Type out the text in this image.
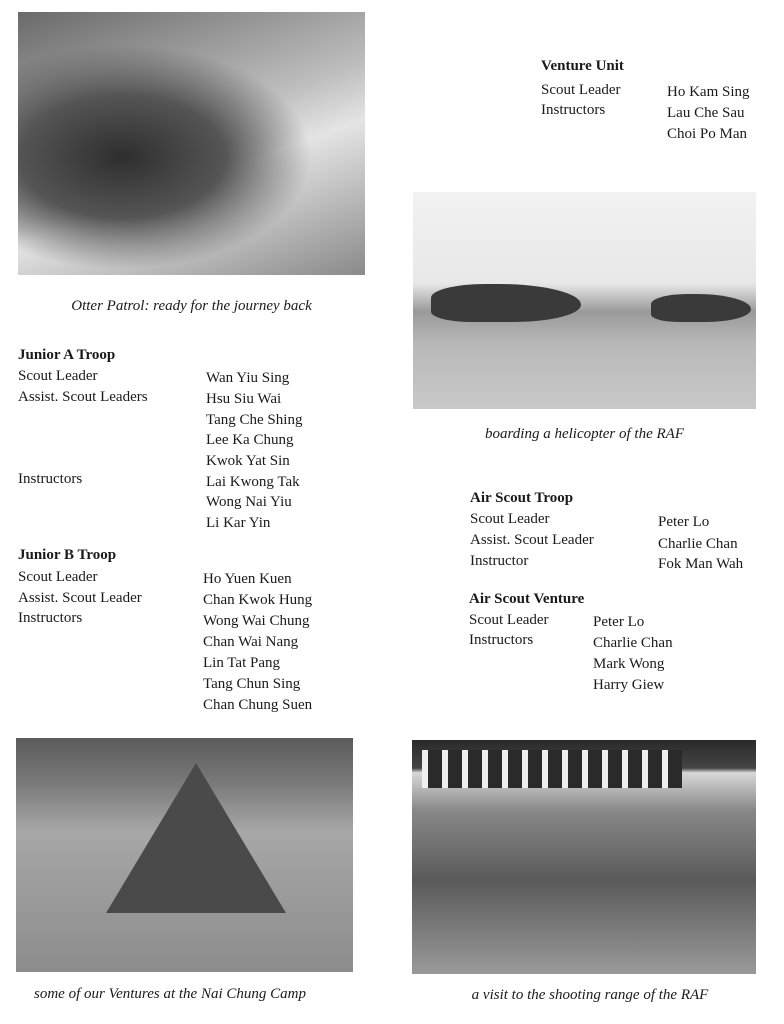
Otter Patrol: ready for the journey back
boarding a helicopter of the RAF
some of our Ventures at the Nai Chung Camp	a visit to the shooting range of the RAF
Venture Unit
Scout Leader
Instructors
Ho Kam Sing
Lau Che Sau
Choi Po Man
Junior A Troop
Scout Leader
Assist. Scout Leaders
Instructors
Wan Yiu Sing
Hsu Siu Wai
Tang Che Shing
Lee Ka Chung
Kwok Yat Sin
Lai Kwong Tak
Wong Nai Yiu
Li Kar Yin
Junior B Troop
Scout Leader
Assist. Scout Leader
Instructors
Ho Yuen Kuen
Chan Kwok Hung
Wong Wai Chung
Chan Wai Nang
Lin Tat Pang
Tang Chun Sing
Chan Chung Suen
Air Scout Troop
Scout Leader
Assist. Scout Leader
Instructor
Peter Lo
Charlie Chan
Fok Man Wah
Air Scout Venture
Scout Leader
Instructors
Peter Lo
Charlie Chan
Mark Wong
Harry Giew
